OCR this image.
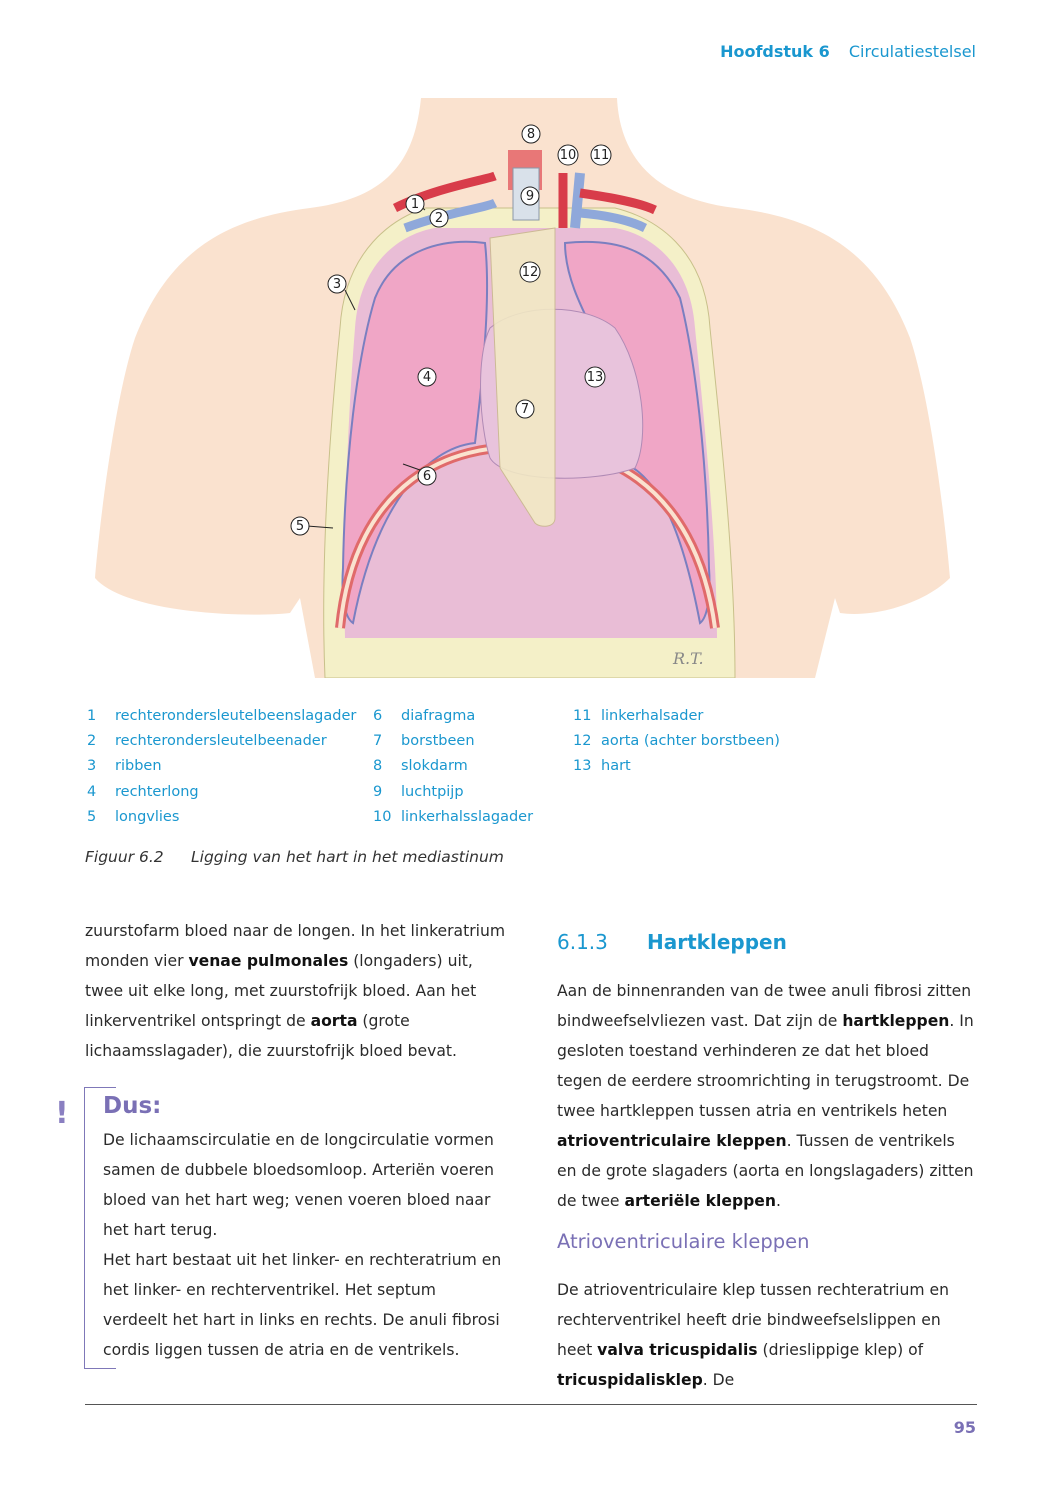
Hoofdstuk 6 Circulatiestelsel
1
2
3
4
5
6
7
8
9
10 11
12
13
R.T.
1 rechterondersleutelbeenslagader
2 rechterondersleutelbeenader
3 ribben
4 rechterlong
5 longvlies
6 diafragma
7 borstbeen
8 slokdarm
9 luchtpijp
10 linkerhalsslagader
11 linkerhalsader
12 aorta (achter borstbeen)
13 hart
Figuur 6.2 Ligging van het hart in het mediastinum
zuurstofarm bloed naar de longen. In het linkeratrium monden vier venae pulmonales (longaders) uit, twee uit elke long, met zuurstofrijk bloed. Aan het linkerventrikel ontspringt de aorta (grote lichaamsslagader), die zuurstofrijk bloed bevat.
! Dus:
De lichaamscirculatie en de longcirculatie vormen samen de dubbele bloedsomloop. Arteriën voeren bloed van het hart weg; venen voeren bloed naar het hart terug.
Het hart bestaat uit het linker- en rechteratrium en het linker- en rechterventrikel. Het septum verdeelt het hart in links en rechts. De anuli fibrosi cordis liggen tussen de atria en de ventrikels.
6.1.3 Hartkleppen
Aan de binnenranden van de twee anuli fibrosi zitten bindweefselvliezen vast. Dat zijn de hartkleppen. In gesloten toestand verhinderen ze dat het bloed tegen de eerdere stroomrichting in terugstroomt. De twee hartkleppen tussen atria en ventrikels heten atrioventriculaire kleppen. Tussen de ventrikels en de grote slagaders (aorta en longslagaders) zitten de twee arteriële kleppen.
Atrioventriculaire kleppen
De atrioventriculaire klep tussen rechteratrium en rechterventrikel heeft drie bindweefselslippen en heet valva tricuspidalis (drieslippige klep) of tricuspidalisklep. De
95
